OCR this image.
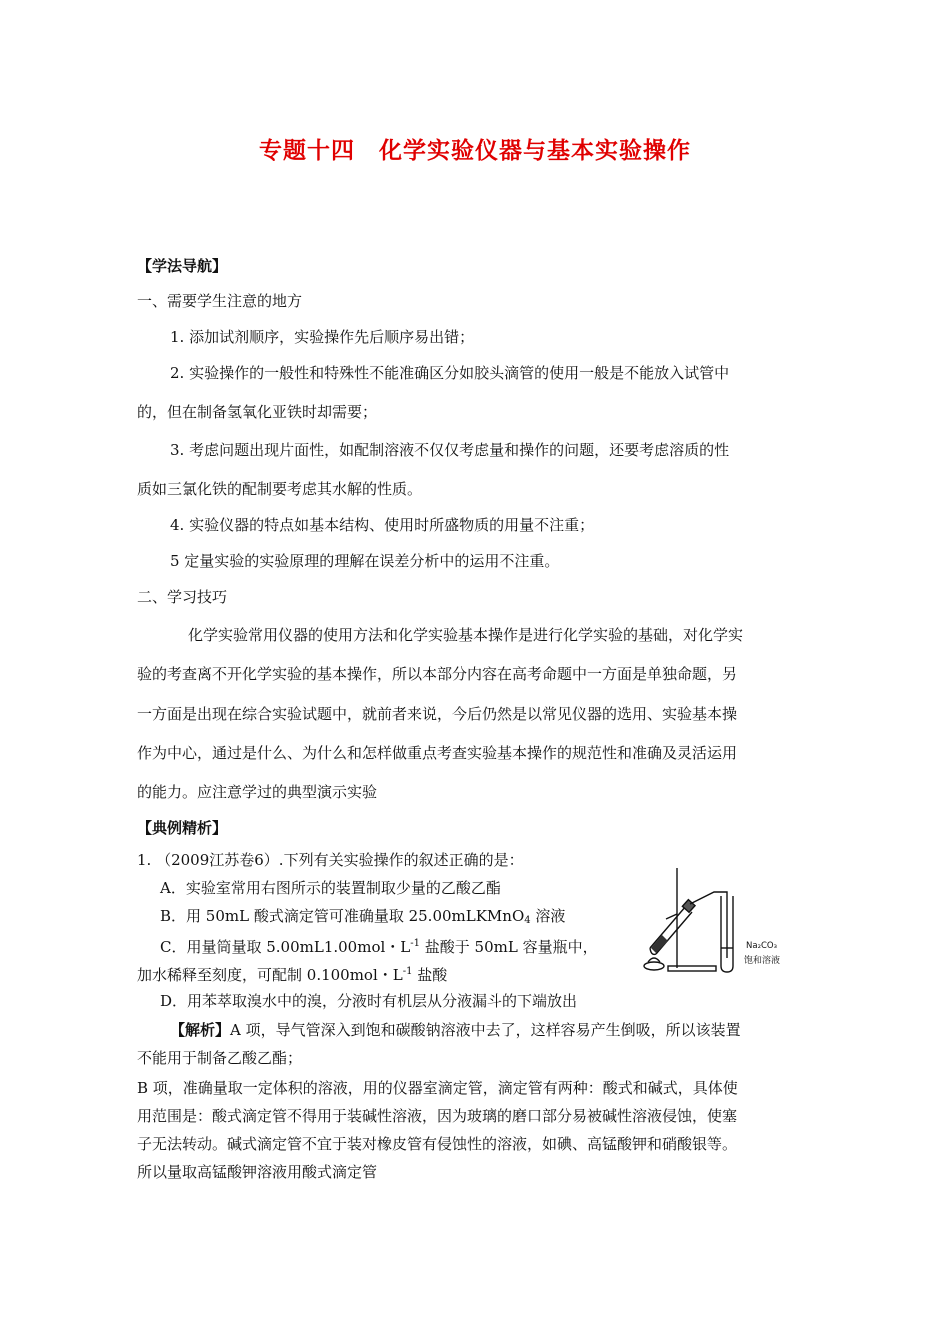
专题十四 化学实验仪器与基本实验操作
【学法导航】
一、需要学生注意的地方
1. 添加试剂顺序，实验操作先后顺序易出错；
2. 实验操作的一般性和特殊性不能准确区分如胶头滴管的使用一般是不能放入试管中
的，但在制备氢氧化亚铁时却需要；
3. 考虑问题出现片面性，如配制溶液不仅仅考虑量和操作的问题，还要考虑溶质的性
质如三氯化铁的配制要考虑其水解的性质。
4. 实验仪器的特点如基本结构、使用时所盛物质的用量不注重；
5 定量实验的实验原理的理解在误差分析中的运用不注重。
二、学习技巧
化学实验常用仪器的使用方法和化学实验基本操作是进行化学实验的基础，对化学实
验的考查离不开化学实验的基本操作，所以本部分内容在高考命题中一方面是单独命题，另
一方面是出现在综合实验试题中，就前者来说，今后仍然是以常见仪器的选用、实验基本操
作为中心，通过是什么、为什么和怎样做重点考查实验基本操作的规范性和准确及灵活运用
的能力。应注意学过的典型演示实验
【典例精析】
1. （2009江苏卷6）.下列有关实验操作的叙述正确的是：
A．实验室常用右图所示的装置制取少量的乙酸乙酯
B．用 50mL 酸式滴定管可准确量取 25.00mLKMnO$_4$ 溶液
C．用量筒量取 5.00mL1.00mol・$L^{-1}$ 盐酸于 50mL 容量瓶中，
加水稀释至刻度，可配制 0.100mol・$L^{-1}$ 盐酸
D．用苯萃取溴水中的溴，分液时有机层从分液漏斗的下端放出
Na₂CO₃
饱和溶液
【解析】A 项，导气管深入到饱和碳酸钠溶液中去了，这样容易产生倒吸，所以该装置
不能用于制备乙酸乙酯；
B 项，准确量取一定体积的溶液，用的仪器室滴定管，滴定管有两种：酸式和碱式，具体使
用范围是：酸式滴定管不得用于装碱性溶液，因为玻璃的磨口部分易被碱性溶液侵蚀，使塞
子无法转动。碱式滴定管不宜于装对橡皮管有侵蚀性的溶液，如碘、高锰酸钾和硝酸银等。
所以量取高锰酸钾溶液用酸式滴定管
